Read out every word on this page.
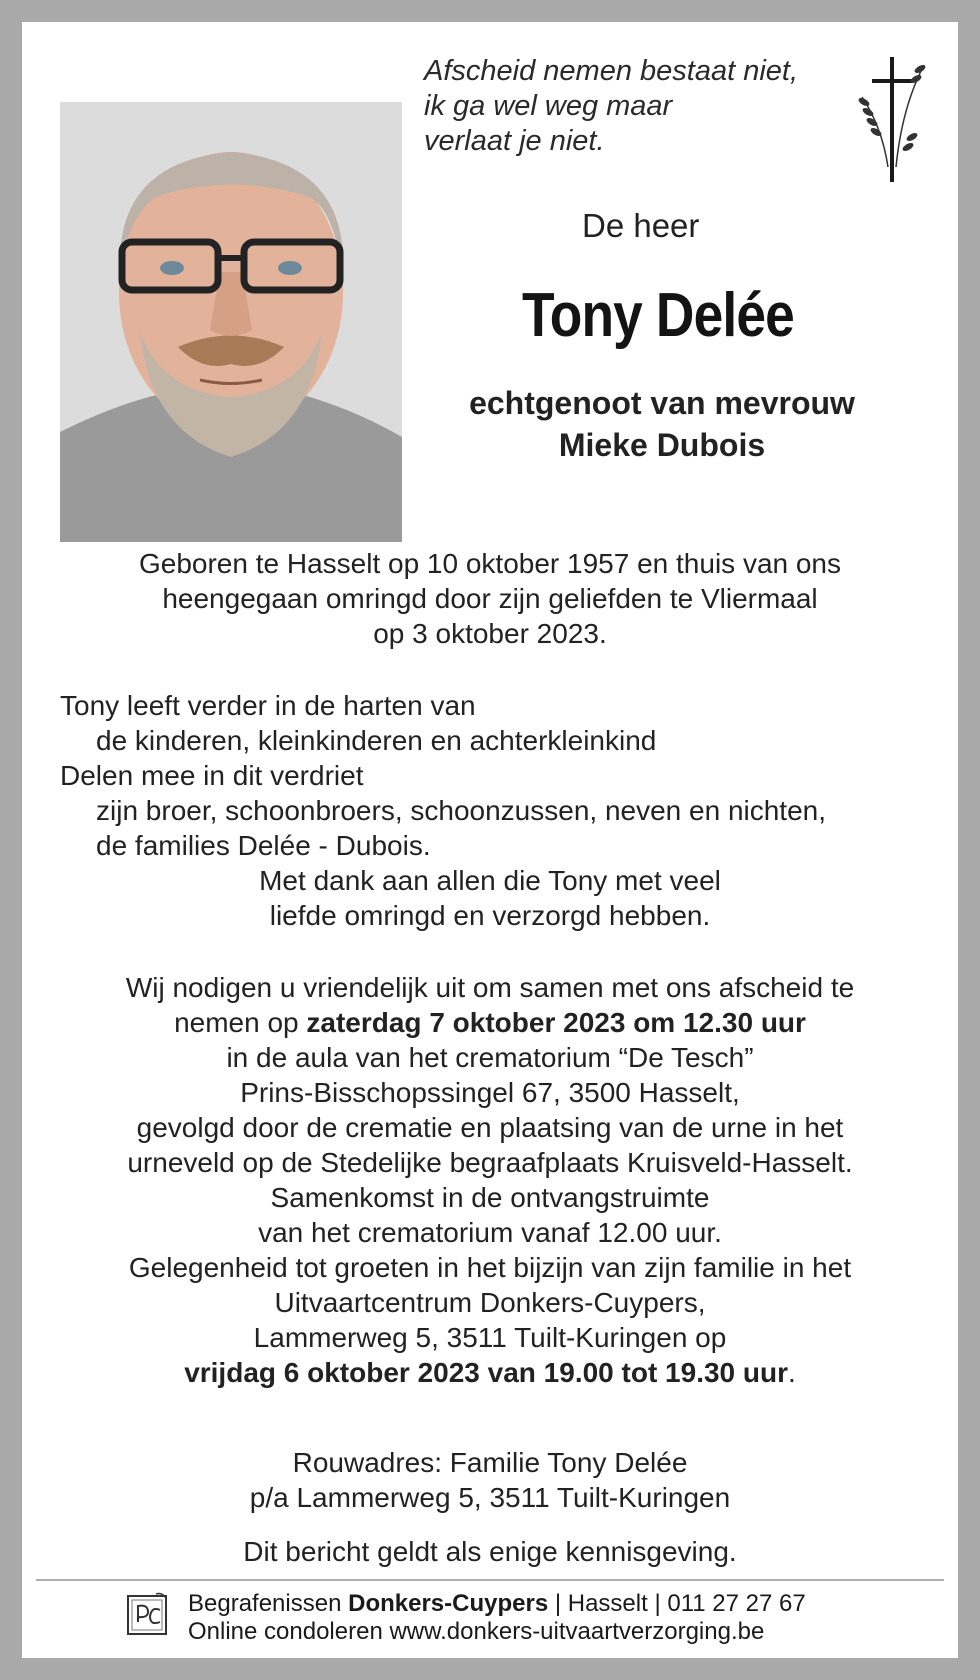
Afscheid nemen bestaat niet,
ik ga wel weg maar
verlaat je niet.
De heer
Tony Delée
echtgenoot van mevrouw
Mieke Dubois
Geboren te Hasselt op 10 oktober 1957 en thuis van ons
heengegaan omringd door zijn geliefden te Vliermaal
op 3 oktober 2023.
Tony leeft verder in de harten van
de kinderen, kleinkinderen en achterkleinkind
Delen mee in dit verdriet
zijn broer, schoonbroers, schoonzussen, neven en nichten,
de families Delée - Dubois.
Met dank aan allen die Tony met veel
liefde omringd en verzorgd hebben.
Wij nodigen u vriendelijk uit om samen met ons afscheid te
nemen op zaterdag 7 oktober 2023 om 12.30 uur
in de aula van het crematorium “De Tesch”
Prins-Bisschopssingel 67, 3500 Hasselt,
gevolgd door de crematie en plaatsing van de urne in het
urneveld op de Stedelijke begraafplaats Kruisveld-Hasselt.
Samenkomst in de ontvangstruimte
van het crematorium vanaf 12.00 uur.
Gelegenheid tot groeten in het bijzijn van zijn familie in het
Uitvaartcentrum Donkers-Cuypers,
Lammerweg 5, 3511 Tuilt-Kuringen op
vrijdag 6 oktober 2023 van 19.00 tot 19.30 uur.
Rouwadres: Familie Tony Delée
p/a Lammerweg 5, 3511 Tuilt-Kuringen
Dit bericht geldt als enige kennisgeving.
Begrafenissen Donkers-Cuypers | Hasselt | 011 27 27 67
Online condoleren www.donkers-uitvaartverzorging.be
